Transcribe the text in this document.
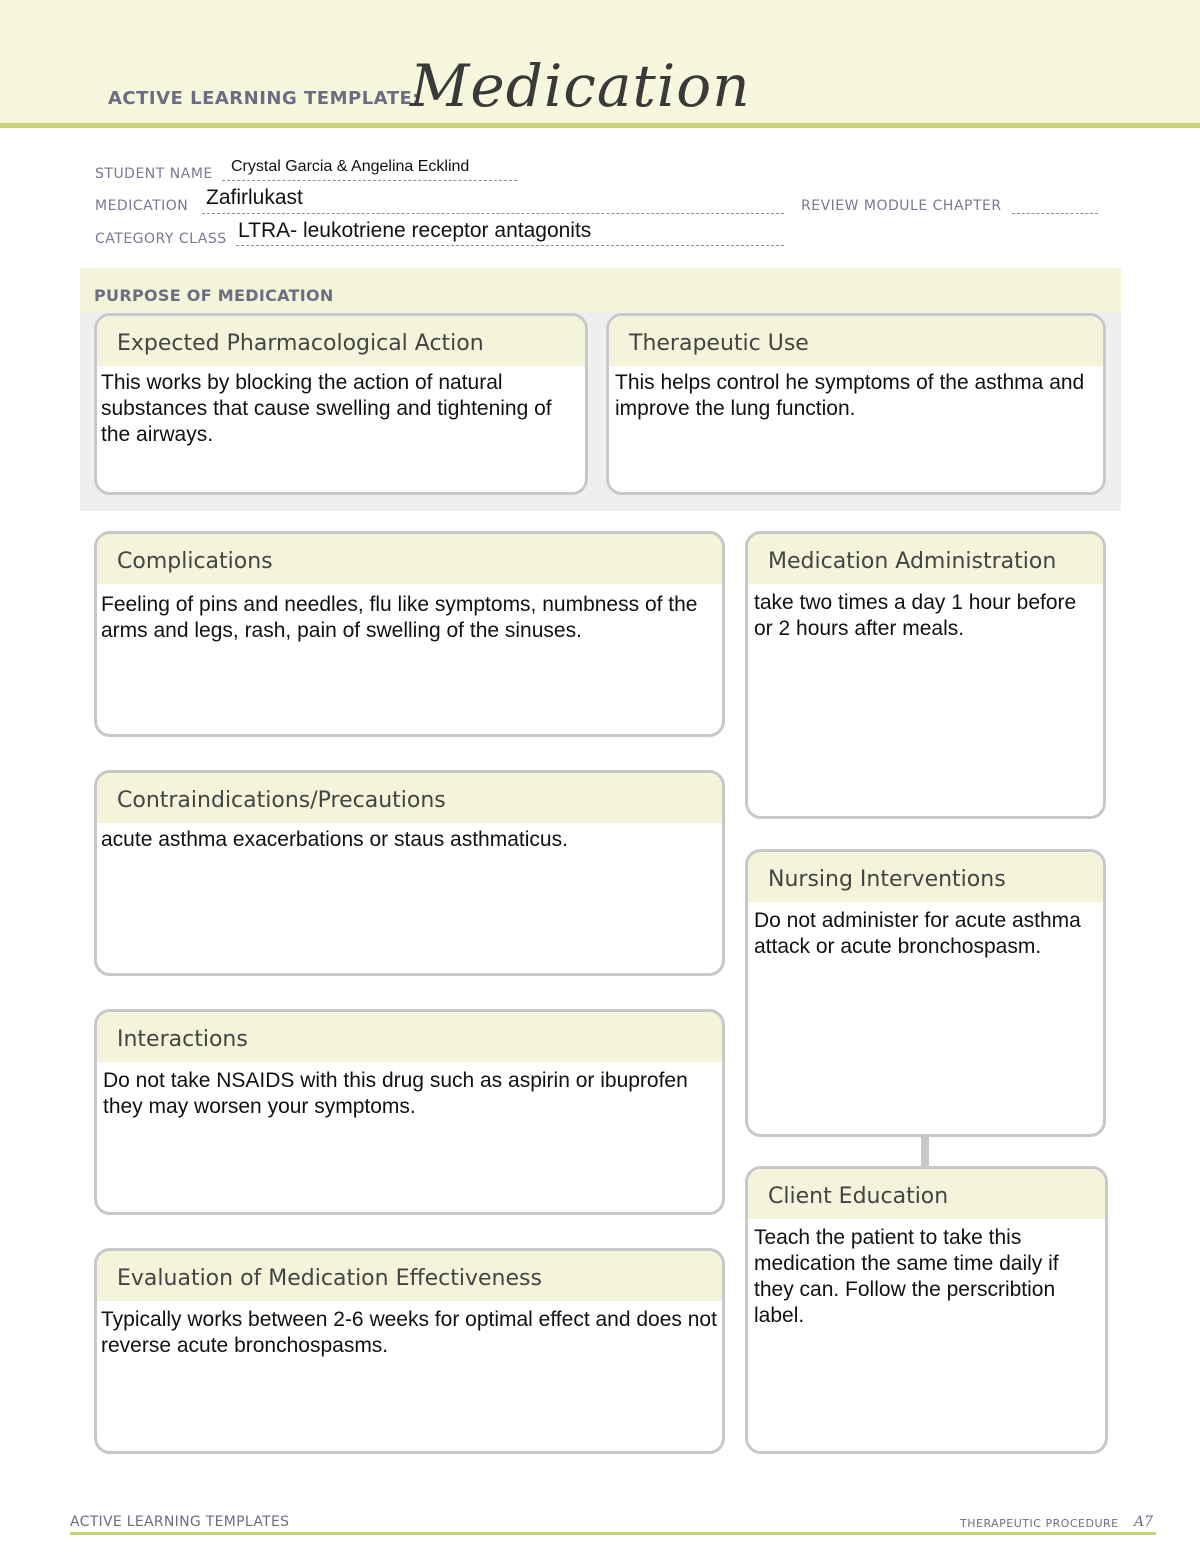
ACTIVE LEARNING TEMPLATE:
Medication
STUDENT NAME Crystal Garcia & Angelina Ecklind
MEDICATION Zafirlukast	REVIEW MODULE CHAPTER
CATEGORY CLASS LTRA- leukotriene receptor antagonits
PURPOSE OF MEDICATION
Expected Pharmacological Action
This works by blocking the action of natural substances that cause swelling and tightening of the airways.
Therapeutic Use
This helps control he symptoms of the asthma and improve the lung function.
Complications
Feeling of pins and needles, flu like symptoms, numbness of the arms and legs, rash, pain of swelling of the sinuses.
Contraindications/Precautions
acute asthma exacerbations or staus asthmaticus.
Interactions
Do not take NSAIDS with this drug such as aspirin or ibuprofen they may worsen your symptoms.
Evaluation of Medication Effectiveness
Typically works between 2-6 weeks for optimal effect and does not reverse acute bronchospasms.
Medication Administration
take two times a day 1 hour before or 2 hours after meals.
Nursing Interventions
Do not administer for acute asthma attack or acute bronchospasm.
Client Education
Teach the patient to take this medication the same time daily if they can. Follow the perscribtion label.
ACTIVE LEARNING TEMPLATES	THERAPEUTIC PROCEDURE A7
